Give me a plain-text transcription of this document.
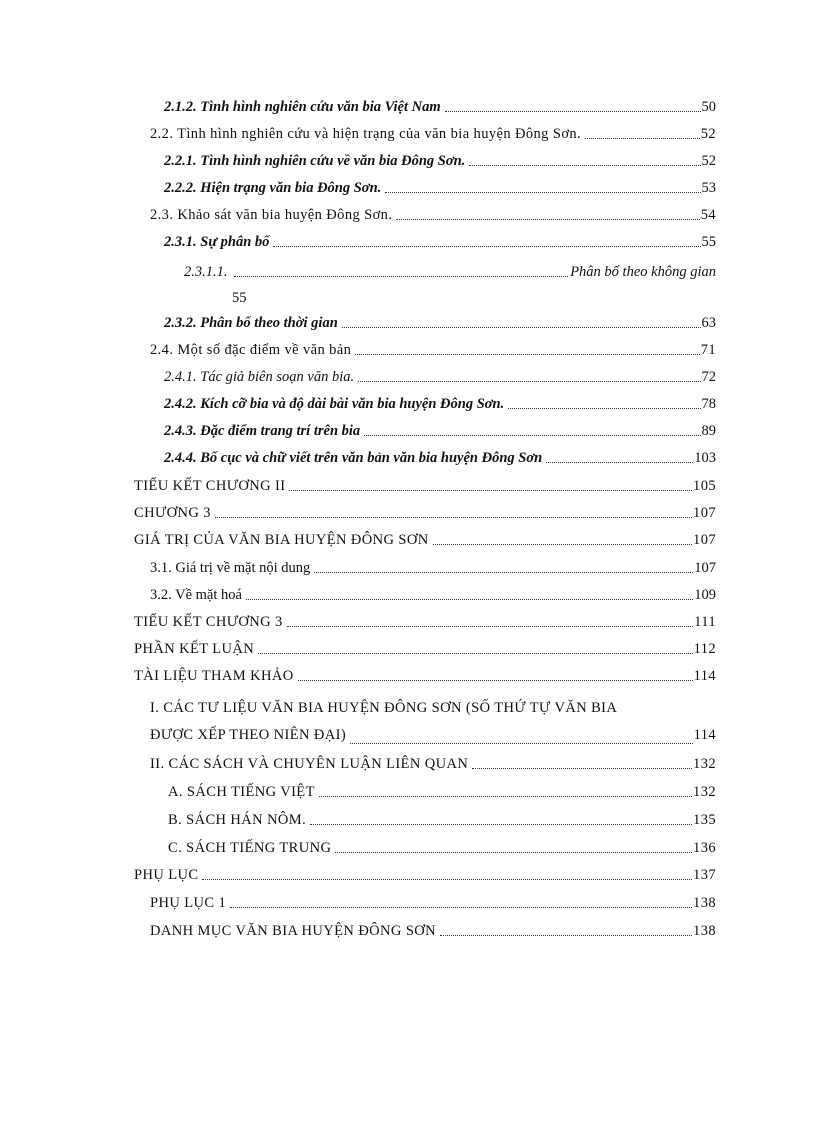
2.1.2. Tình hình nghiên cứu văn bia Việt Nam	50
2.2. Tình hình nghiên cứu và hiện trạng của văn bia huyện Đông Sơn.	52
2.2.1. Tình hình nghiên cứu về văn bia Đông Sơn.	52
2.2.2. Hiện trạng văn bia Đông Sơn.	53
2.3. Khảo sát văn bia huyện Đông Sơn.	54
2.3.1. Sự phân bố	55
2.3.1.1.	Phân bố theo không gian
55
2.3.2. Phân bố theo thời gian	63
2.4. Một số đặc điểm về văn bản	71
2.4.1. Tác giả biên soạn văn bia.	72
2.4.2. Kích cỡ bia và độ dài bài văn bia huyện Đông Sơn.	78
2.4.3. Đặc điểm trang trí trên bia	89
2.4.4. Bố cục và chữ viết trên văn bản văn bia huyện Đông Sơn	103
TIỂU KẾT CHƯƠNG II	105
CHƯƠNG 3	107
GIÁ TRỊ CỦA VĂN BIA HUYỆN ĐÔNG SƠN	107
3.1. Giá trị về mặt nội dung	107
3.2. Về mặt hoá	109
TIỂU KẾT CHƯƠNG 3	111
PHẦN KẾT LUẬN	112
TÀI LIỆU THAM KHẢO	114
I. CÁC TƯ LIỆU VĂN BIA HUYỆN ĐÔNG SƠN (SỐ THỨ TỰ VĂN BIA
ĐƯỢC XẾP THEO NIÊN ĐẠI)	114
II. CÁC SÁCH VÀ CHUYÊN LUẬN LIÊN QUAN	132
A. SÁCH TIẾNG VIỆT	132
B. SÁCH HÁN NÔM.	135
C. SÁCH TIẾNG TRUNG	136
PHỤ LỤC	137
PHỤ LỤC 1	138
DANH MỤC VĂN BIA HUYỆN ĐÔNG SƠN	138
